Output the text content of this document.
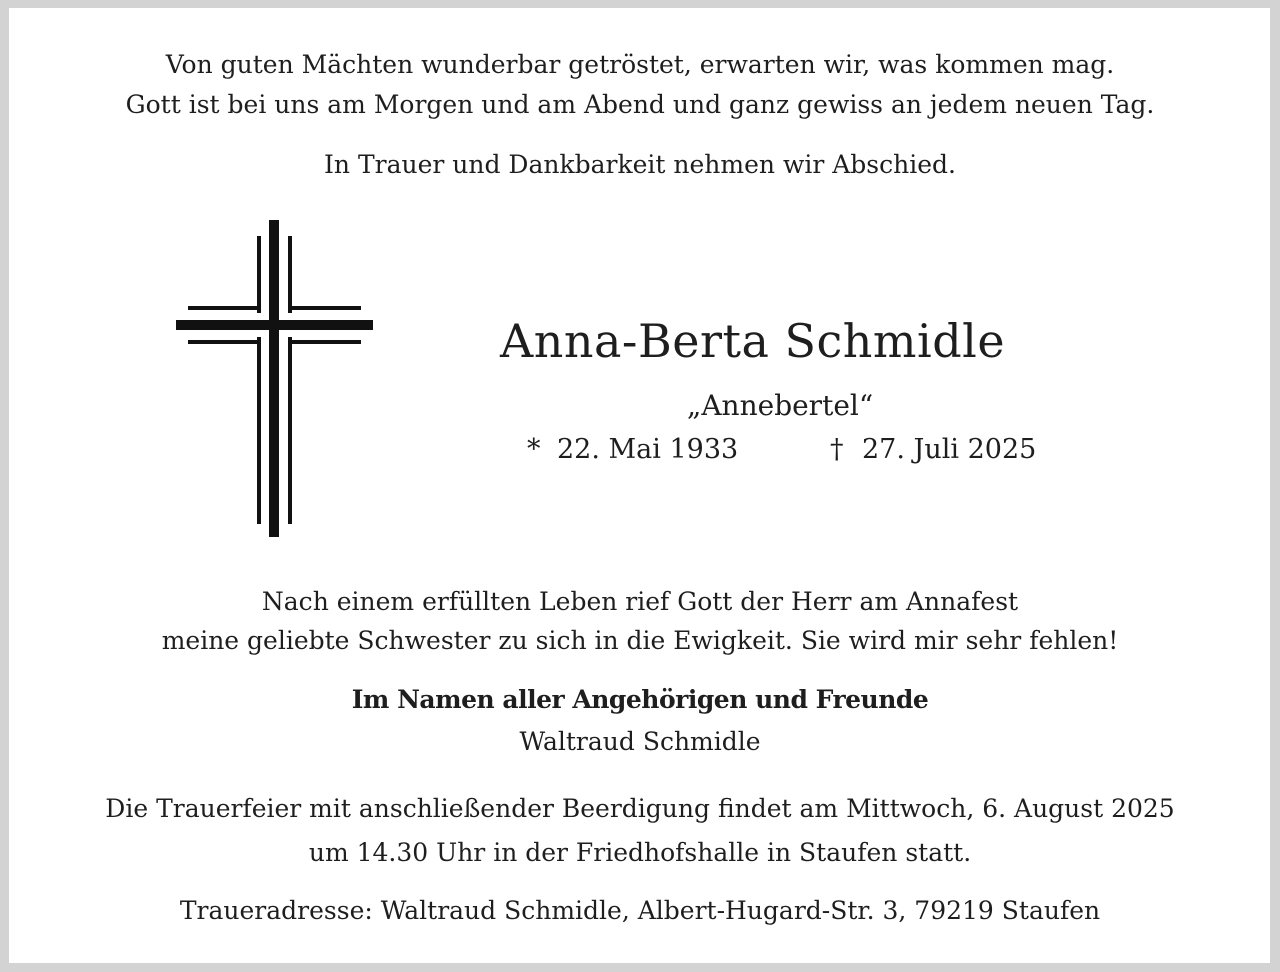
Von guten Mächten wunderbar getröstet, erwarten wir, was kommen mag.
Gott ist bei uns am Morgen und am Abend und ganz gewiss an jedem neuen Tag.
In Trauer und Dankbarkeit nehmen wir Abschied.
Anna-Berta Schmidle
„Annebertel“
* 22. Mai 1933	† 27. Juli 2025
Nach einem erfüllten Leben rief Gott der Herr am Annafest
meine geliebte Schwester zu sich in die Ewigkeit. Sie wird mir sehr fehlen!
Im Namen aller Angehörigen und Freunde
Waltraud Schmidle
Die Trauerfeier mit anschließender Beerdigung findet am Mittwoch, 6. August 2025
um 14.30 Uhr in der Friedhofshalle in Staufen statt.
Traueradresse: Waltraud Schmidle, Albert-Hugard-Str. 3, 79219 Staufen
